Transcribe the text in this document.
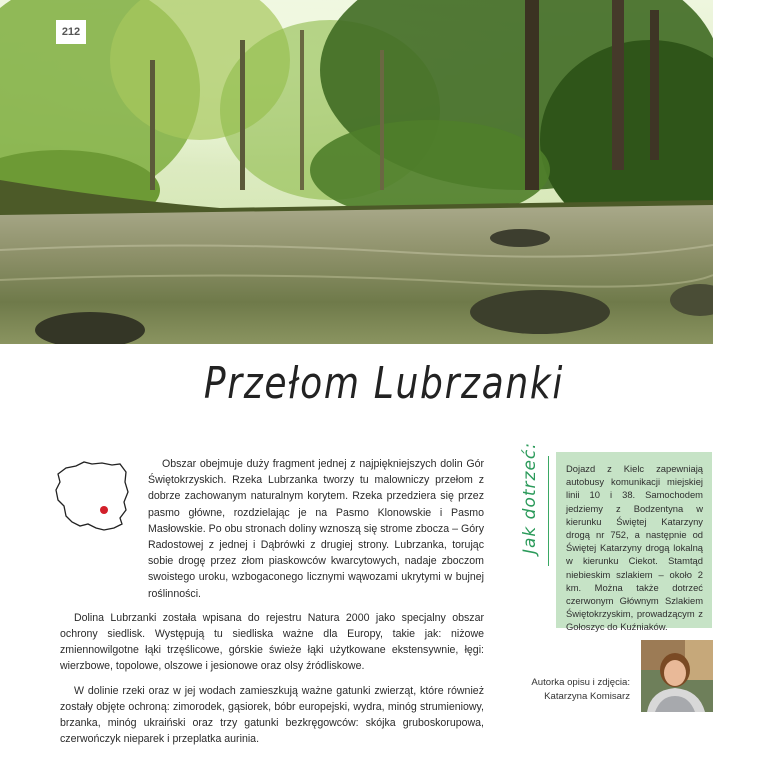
212
Przełom Lubrzanki

Obszar obejmuje duży fragment jednej z najpiękniejszych dolin Gór Świętokrzyskich. Rzeka Lubrzanka tworzy tu malowniczy przełom z dobrze zachowanym naturalnym korytem. Rzeka przedziera się przez pasmo główne, rozdzielając je na Pasmo Klonowskie i Pasmo Masłowskie. Po obu stronach doliny wznoszą się strome zbocza – Góry Radostowej z jednej i Dąbrówki z drugiej strony. Lubrzanka, torując sobie drogę przez złom piaskowców kwarcytowych, nadaje zboczom swoistego uroku, wzbogaconego licznymi wąwozami ukrytymi w bujnej roślinności.

Dolina Lubrzanki została wpisana do rejestru Natura 2000 jako specjalny obszar ochrony siedlisk. Występują tu siedliska ważne dla Europy, takie jak: niżowe zmiennowilgotne łąki trzęślicowe, górskie świeże łąki użytkowane ekstensywnie, łęgi: wierzbowe, topolowe, olszowe i jesionowe oraz olsy źródliskowe.

W dolinie rzeki oraz w jej wodach zamieszkują ważne gatunki zwierząt, które również zostały objęte ochroną: zimorodek, gąsiorek, bóbr europejski, wydra, minóg strumieniowy, brzanka, minóg ukraiński oraz trzy gatunki bezkręgowców: skójka gruboskorupowa, czerwończyk nieparek i przeplatka aurinia.

Jak dotrzeć:	Dojazd z Kielc zapewniają autobusy komunikacji miejskiej linii 10 i 38. Samochodem jedziemy z Bodzentyna w kierunku Świętej Katarzyny drogą nr 752, a następnie od Świętej Katarzyny drogą lokalną w kierunku Ciekot. Stamtąd niebieskim szlakiem – około 2 km. Można także dotrzeć czerwonym Głównym Szlakiem Świętokrzyskim, prowadzącym z Gołoszyc do Kuźniaków.

Autorka opisu i zdjęcia:
Katarzyna Komisarz
